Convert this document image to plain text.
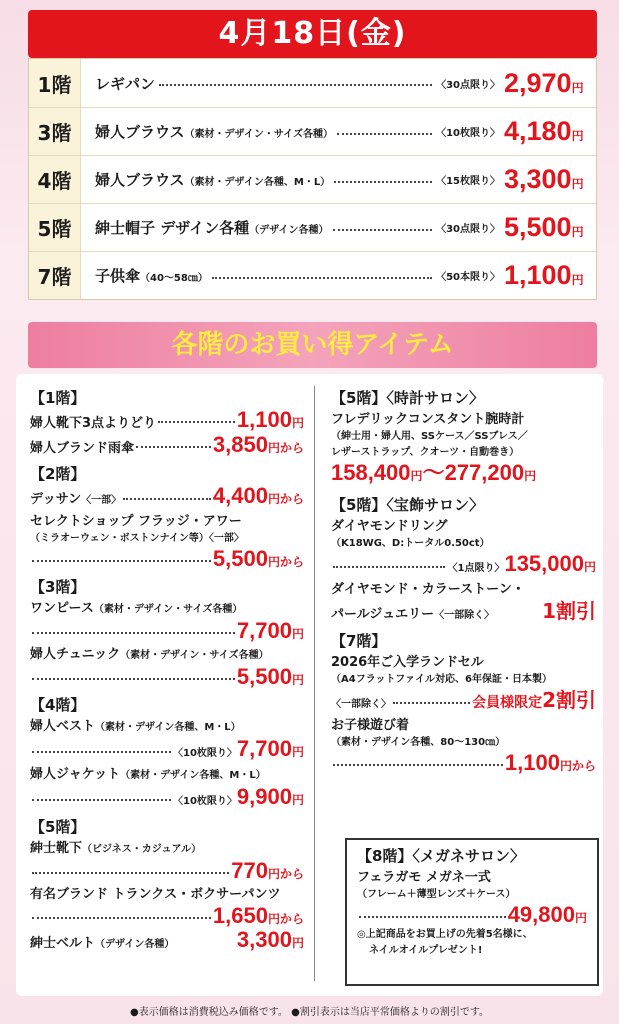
4月18日(金)
1階	レギパン	〈30点限り〉 2,970円
3階	婦人ブラウス（素材・デザイン・サイズ各種）	〈10枚限り〉 4,180円
4階	婦人ブラウス（素材・デザイン各種、M・L）	〈15枚限り〉 3,300円
5階	紳士帽子 デザイン各種（デザイン各種）	〈30点限り〉 5,500円
7階	子供傘（40〜58㎝）	〈50本限り〉 1,100円
各階のお買い得アイテム
【1階】
婦人靴下3点よりどり	1,100 円
婦人ブランド雨傘	3,850 円から
【2階】
デッサン 〈一部〉	4,400 円から
セレクトショップ フラッジ・アワー
（ミラオーウェン・ボストンナイン等）〈一部〉
5,500 円から
【3階】
ワンピース（素材・デザイン・サイズ各種）
7,700 円
婦人チュニック（素材・デザイン・サイズ各種）
5,500 円
【4階】
婦人ベスト（素材・デザイン各種、M・L）
〈10枚限り〉 7,700 円
婦人ジャケット（素材・デザイン各種、M・L）
〈10枚限り〉 9,900 円
【5階】
紳士靴下（ビジネス・カジュアル）
770 円から
有名ブランド トランクス・ボクサーパンツ
1,650 円から
紳士ベルト （デザイン各種）	3,300 円
【5階】〈時計サロン〉
フレデリックコンスタント腕時計
（紳士用・婦人用、SSケース／SSブレス／
レザーストラップ、クオーツ・自動巻き）
158,400 円 〜 277,200 円
【5階】〈宝飾サロン〉
ダイヤモンドリング
（K18WG、D:トータル0.50ct）
〈1点限り〉 135,000 円
ダイヤモンド・カラーストーン・
パールジュエリー 〈一部除く〉 1割引
【7階】
2026年ご入学ランドセル
（A4フラットファイル対応、6年保証・日本製）
〈一部除く〉	会員様限定 2割引
お子様遊び着
（素材・デザイン各種、80〜130㎝）
1,100 円から
【8階】〈メガネサロン〉
フェラガモ メガネ一式
（フレーム＋薄型レンズ＋ケース）
49,800 円
◎上記商品をお買上げの先着5名様に、
ネイルオイルプレゼント!
●表示価格は消費税込み価格です。 ●割引表示は当店平常価格よりの割引です。
